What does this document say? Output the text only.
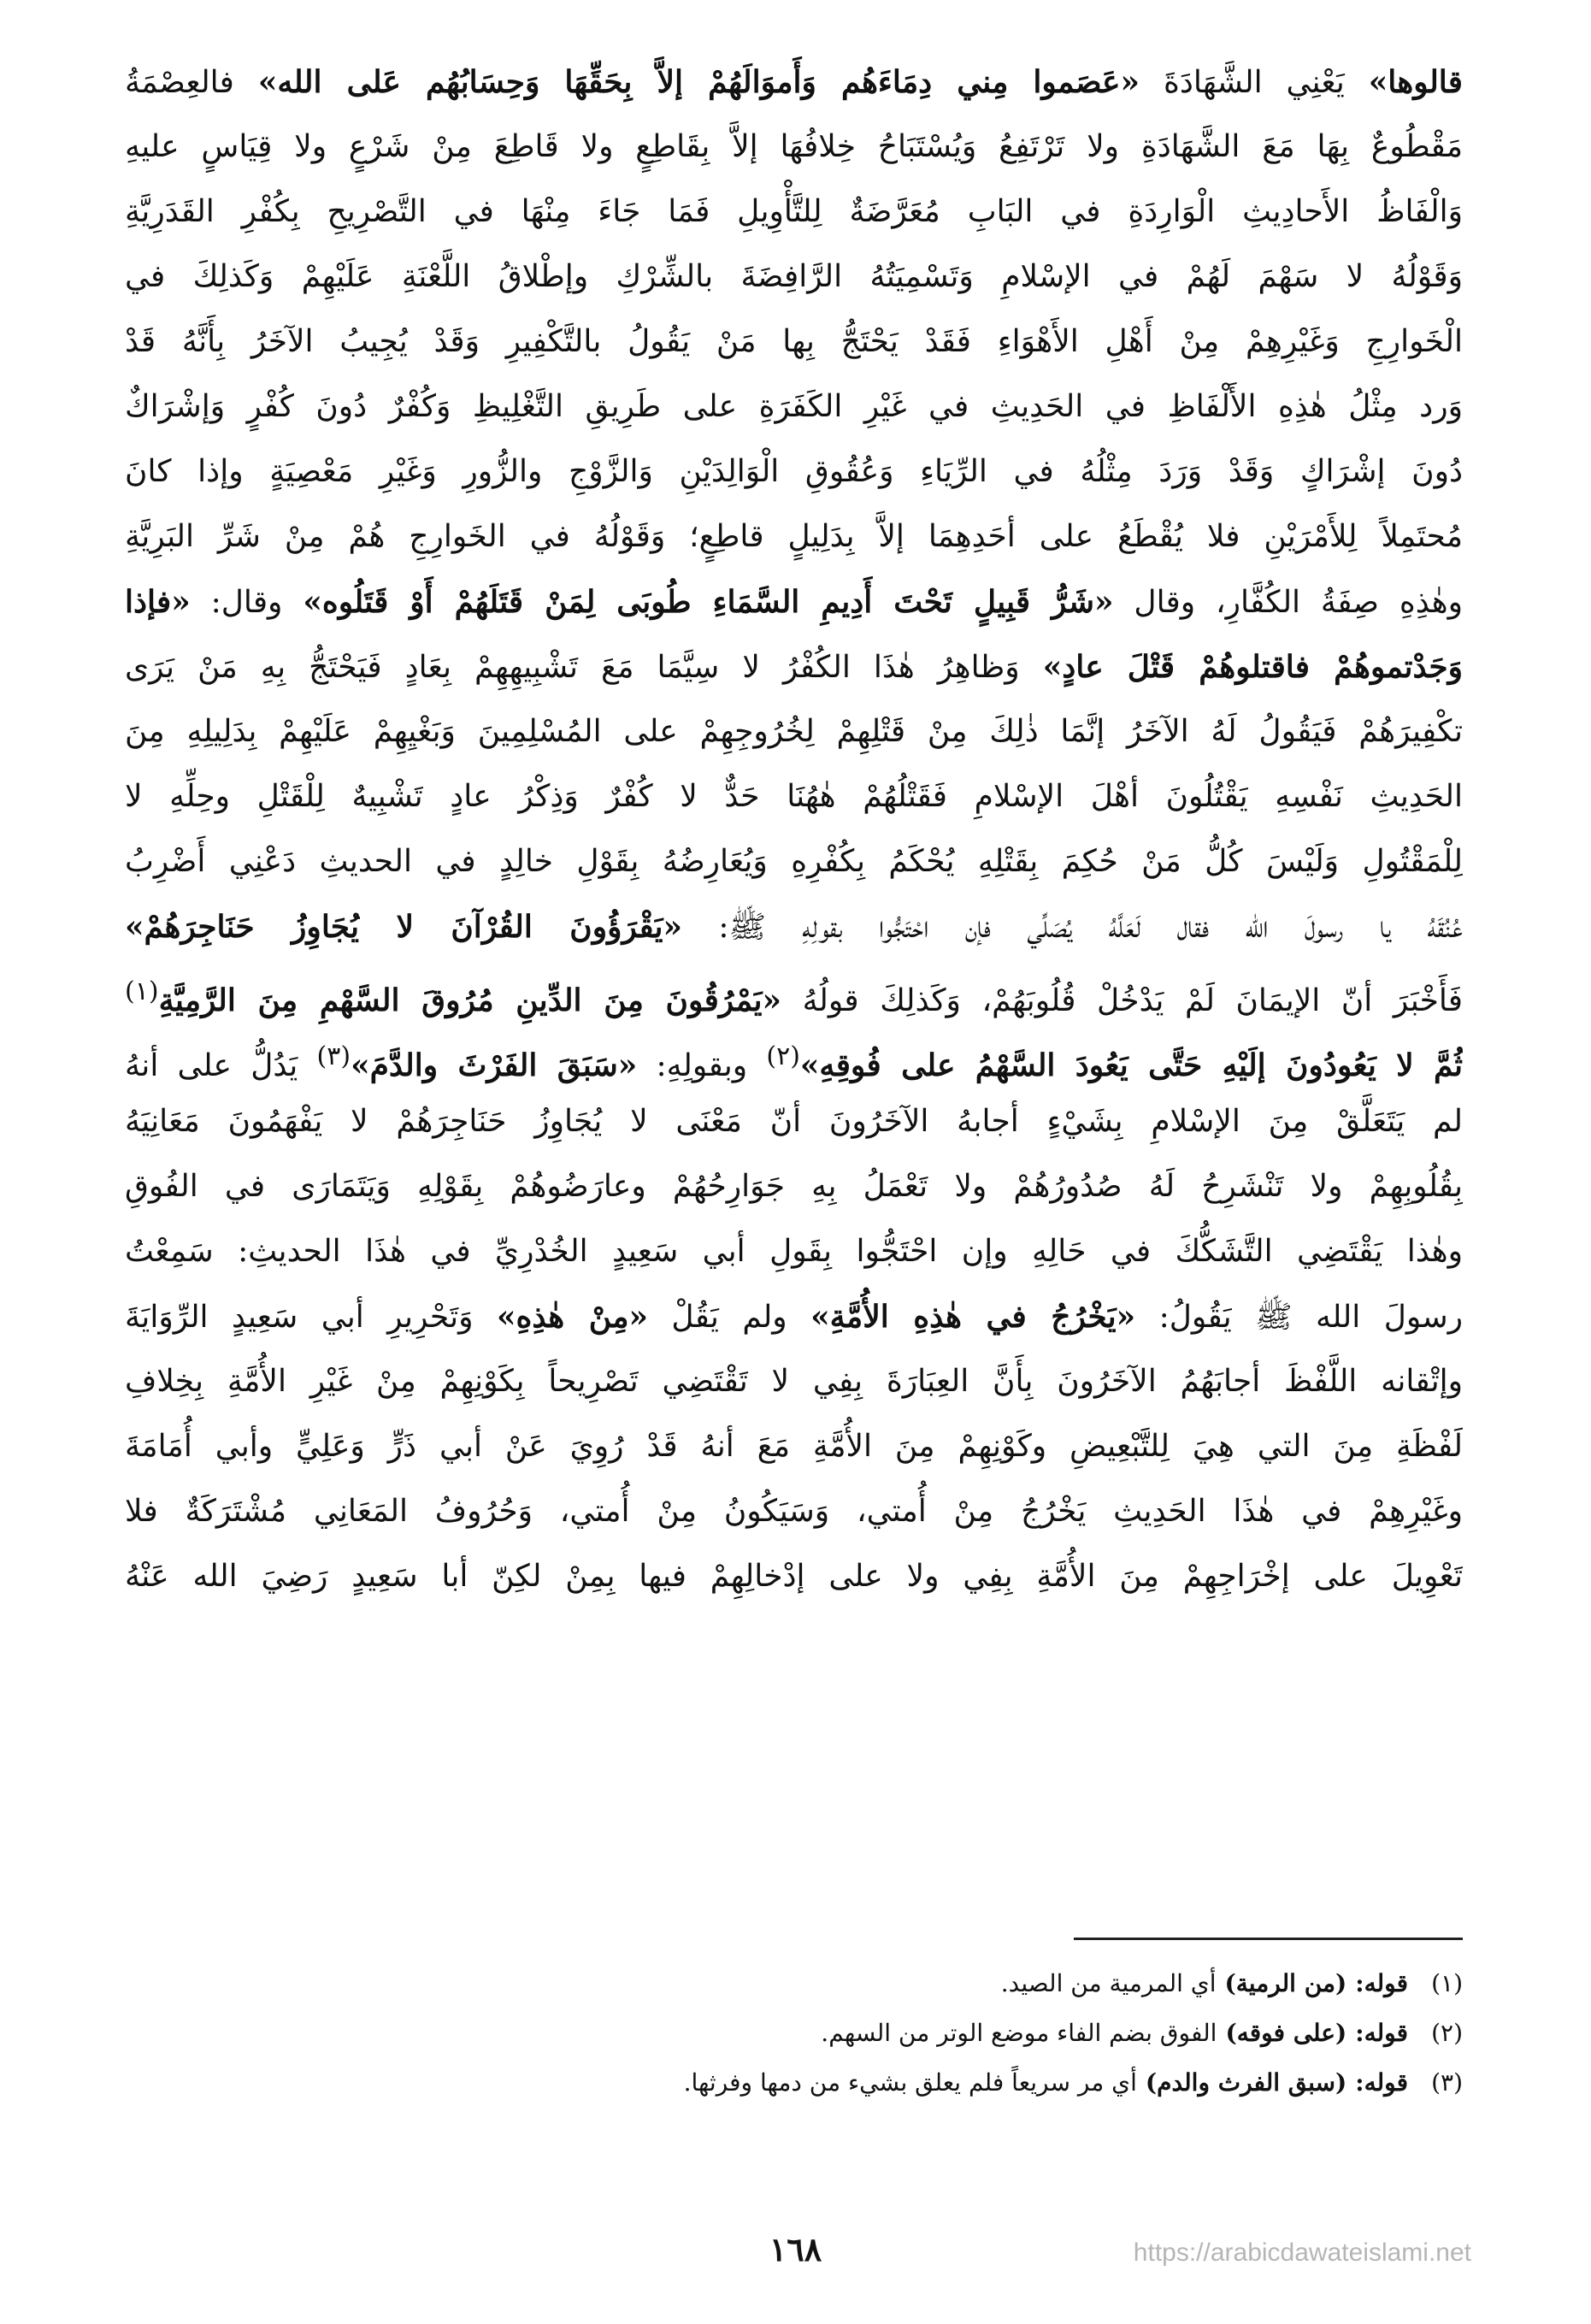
قالوها» يَعْنِي الشَّهَادَةَ «عَصَموا مِني دِمَاءَهُم وَأَموَالَهُمْ إلاَّ بِحَقِّهَا وَحِسَابُهُم عَلى الله» فالعِصْمَةُ
مَقْطُوعٌ بِهَا مَعَ الشَّهَادَةِ ولا تَرْتَفِعُ وَيُسْتَبَاحُ خِلافُهَا إلاَّ بِقَاطِعٍ ولا قَاطِعَ مِنْ شَرْعٍ ولا قِيَاسٍ عليهِ
وَالْفَاظُ الأَحادِيثِ الْوَارِدَةِ في البَابِ مُعَرَّضَةٌ لِلتَّأْوِيلِ فَمَا جَاءَ مِنْهَا في التَّصْرِيحِ بِكُفْرِ القَدَرِيَّةِ
وَقَوْلُهُ لا سَهْمَ لَهُمْ في الإسْلامِ وَتَسْمِيَتُهُ الرَّافِضَةَ بالشِّرْكِ وإطْلاقُ اللَّعْنَةِ عَلَيْهِمْ وَكَذلِكَ في
الْخَوارِجِ وَغَيْرِهِمْ مِنْ أَهْلِ الأَهْوَاءِ فَقَدْ يَحْتَجُّ بِها مَنْ يَقُولُ بالتَّكْفِيرِ وَقَدْ يُجِيبُ الآخَرُ بِأَنَّهُ قَدْ
وَرد مِثْلُ هٰذِهِ الأَلْفَاظِ في الحَدِيثِ في غَيْرِ الكَفَرَةِ على طَرِيقِ التَّغْلِيظِ وَكُفْرٌ دُونَ كُفْرٍ وَإشْرَاكٌ
دُونَ إشْرَاكٍ وَقَدْ وَرَدَ مِثْلُهُ في الرِّيَاءِ وَعُقُوقِ الْوَالِدَيْنِ وَالزَّوْجِ والزُّورِ وَغَيْرِ مَعْصِيَةٍ وإذا كانَ
مُحتَمِلاً لِلأَمْرَيْنِ فلا يُقْطَعُ على أحَدِهِمَا إلاَّ بِدَلِيلٍ قاطِعٍ؛ وَقَوْلُهُ في الخَوارِجِ هُمْ مِنْ شَرِّ البَرِيَّةِ
وهٰذِهِ صِفَةُ الكُفَّارِ، وقال «شَرُّ قَبِيلٍ تَحْتَ أَدِيمِ السَّمَاءِ طُوبَى لِمَنْ قَتَلَهُمْ أَوْ قَتَلُوه» وقال: «فإذا
وَجَدْتموهُمْ فاقتلوهُمْ قَتْلَ عادٍ» وَظاهِرُ هٰذَا الكُفْرُ لا سِيَّمَا مَعَ تَشْبِيهِهِمْ بِعَادٍ فَيَحْتَجُّ بِهِ مَنْ يَرَى
تكْفِيرَهُمْ فَيَقُولُ لَهُ الآخَرُ إنَّمَا ذٰلِكَ مِنْ قَتْلِهِمْ لِخُرُوجِهِمْ على المُسْلِمِينَ وَبَغْيِهِمْ عَلَيْهِمْ بِدَلِيلِهِ مِنَ
الحَدِيثِ نَفْسِهِ يَقْتُلُونَ أهْلَ الإسْلامِ فَقَتْلُهُمْ هٰهُنَا حَدٌّ لا كُفْرٌ وَذِكْرُ عادٍ تَشْبِيهٌ لِلْقَتْلِ وحِلِّهِ لا
لِلْمَقْتُولِ وَلَيْسَ كُلُّ مَنْ حُكِمَ بِقَتْلِهِ يُحْكَمُ بِكُفْرِهِ وَيُعَارِضُهُ بِقَوْلِ خالِدٍ في الحديثِ دَعْنِي أَضْرِبُ
عُنُقَهُ يا رسولَ الله فقال لَعَلَّهُ يُصَلِّي فإن احْتَجُّوا بقولِهِ ﷺ: «يَقْرَؤُونَ القُرْآنَ لا يُجَاوِزُ حَنَاجِرَهُمْ»
فَأَخْبَرَ أنّ الإيمَانَ لَمْ يَدْخُلْ قُلُوبَهُمْ، وَكَذلِكَ قولُهُ «يَمْرُقُونَ مِنَ الدِّينِ مُرُوقَ السَّهْمِ مِنَ الرَّمِيَّةِ$^{(١)}$
ثُمَّ لا يَعُودُونَ إلَيْهِ حَتَّى يَعُودَ السَّهْمُ على فُوقِهِ»$^{(٢)}$ وبقولِهِ: «سَبَقَ الفَرْثَ والدَّمَ»$^{(٣)}$ يَدُلُّ على أنهُ
لم يَتَعَلَّقْ مِنَ الإسْلامِ بِشَيْءٍ أجابهُ الآخَرُونَ أنّ مَعْنَى لا يُجَاوِزُ حَنَاجِرَهُمْ لا يَفْهَمُونَ مَعَانِيَهُ
بِقُلُوبِهِمْ ولا تَنْشَرِحُ لَهُ صُدُورُهُمْ ولا تَعْمَلُ بِهِ جَوَارِحُهُمْ وعارَضُوهُمْ بِقَوْلِهِ وَيَتَمَارَى في الفُوقِ
وهٰذا يَقْتَضِي التَّشَكُّكَ في حَالِهِ وإن احْتَجُّوا بِقَولِ أبي سَعِيدٍ الخُدْرِيِّ في هٰذَا الحديثِ: سَمِعْتُ
رسولَ الله ﷺ يَقُولُ: «يَخْرُجُ في هٰذِهِ الأُمَّةِ» ولم يَقُلْ «مِنْ هٰذِهِ» وَتَحْرِيرِ أبي سَعِيدٍ الرِّوَايَةَ
وإتْقانه اللَّفْظَ أجابَهُمُ الآخَرُونَ بِأَنَّ العِبَارَةَ بِفِي لا تَقْتَضِي تَصْرِيحاً بِكَوْنِهِمْ مِنْ غَيْرِ الأُمَّةِ بِخِلافِ
لَفْظَةِ مِنَ التي هِيَ لِلتَّبْعِيضِ وكَوْنِهِمْ مِنَ الأُمَّةِ مَعَ أنهُ قَدْ رُوِيَ عَنْ أبي ذَرٍّ وَعَلِيٍّ وأبي أُمَامَةَ
وغَيْرِهِمْ في هٰذَا الحَدِيثِ يَخْرُجُ مِنْ أُمتي، وَسَيَكُونُ مِنْ أُمتي، وَحُرُوفُ المَعَانِي مُشْتَرَكَةٌ فلا
تَعْوِيلَ على إخْرَاجِهِمْ مِنَ الأُمَّةِ بِفِي ولا على إدْخالِهِمْ فيها بِمِنْ لكِنّ أبا سَعِيدٍ رَضِيَ الله عَنْهُ
(١)
قوله:
(من الرمية)
أي المرمية من الصيد.
(٢)
قوله:
(على فوقه)
الفوق بضم الفاء موضع الوتر من السهم.
(٣)
قوله:
(سبق الفرث والدم)
أي مر سريعاً فلم يعلق بشيء من دمها وفرثها.
١٦٨	https://arabicdawateislami.net
